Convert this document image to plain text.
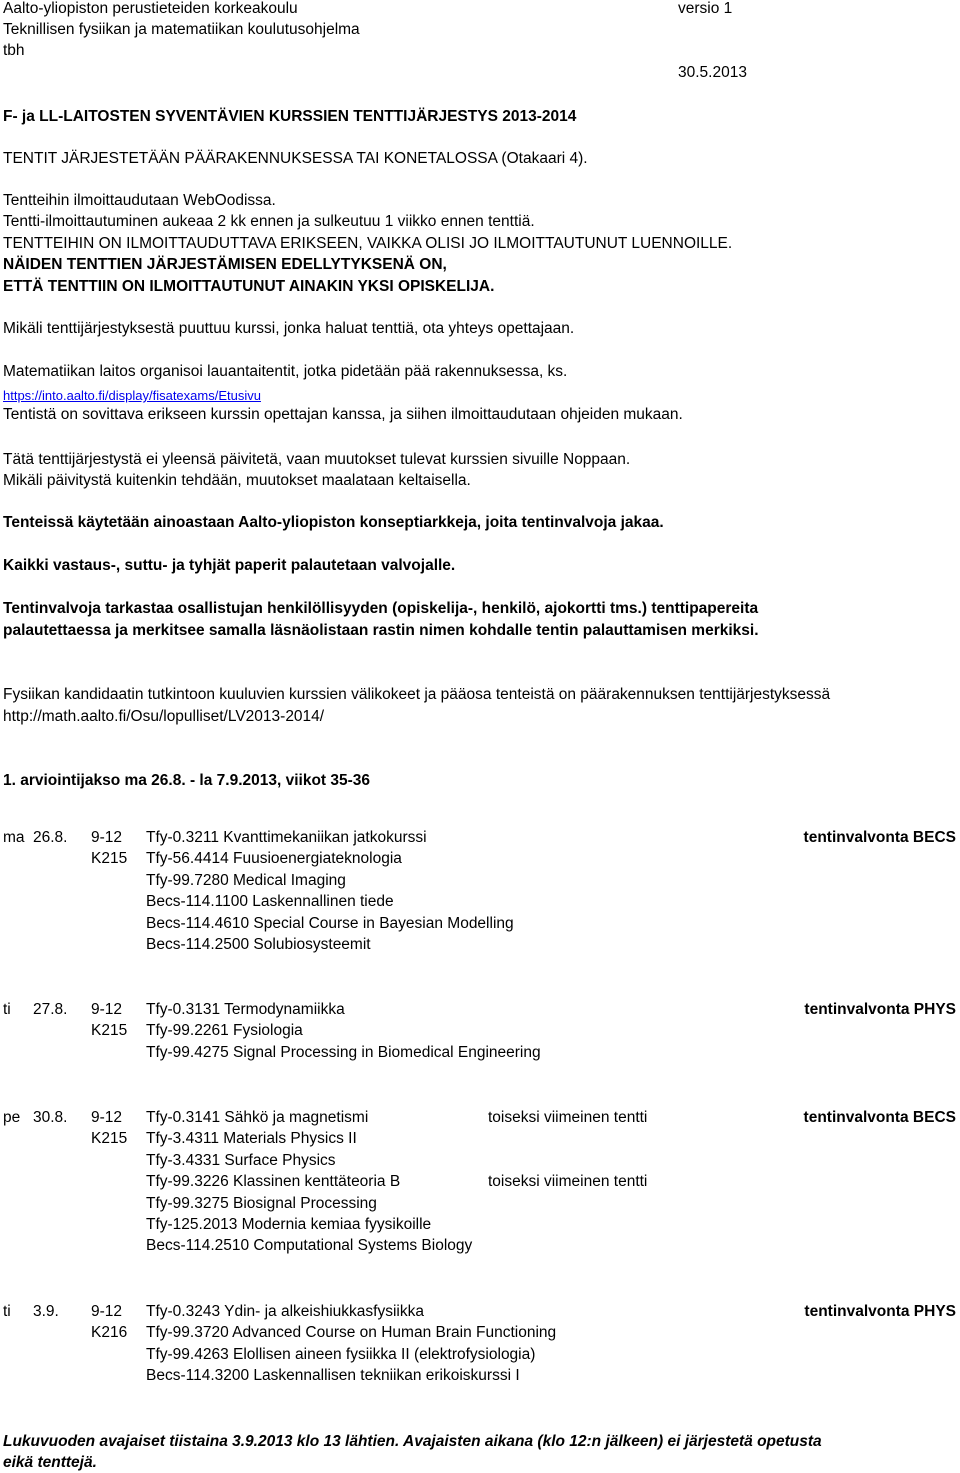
Aalto-yliopiston perustieteiden korkeakoulu
Teknillisen fysiikan ja matematiikan koulutusohjelma
tbh
versio 1
30.5.2013
F- ja LL-LAITOSTEN SYVENTÄVIEN KURSSIEN TENTTIJÄRJESTYS 2013-2014
TENTIT JÄRJESTETÄÄN PÄÄRAKENNUKSESSA TAI KONETALOSSA (Otakaari 4).
Tentteihin ilmoittaudutaan WebOodissa.
Tentti-ilmoittautuminen aukeaa 2 kk ennen ja sulkeutuu 1 viikko ennen tenttiä.
TENTTEIHIN ON ILMOITTAUDUTTAVA ERIKSEEN, VAIKKA OLISI JO ILMOITTAUTUNUT LUENNOILLE.
NÄIDEN TENTTIEN JÄRJESTÄMISEN EDELLYTYKSENÄ ON,
ETTÄ TENTTIIN ON ILMOITTAUTUNUT AINAKIN YKSI OPISKELIJA.
Mikäli tenttijärjestyksestä puuttuu kurssi, jonka haluat tenttiä, ota yhteys opettajaan.
Matematiikan laitos organisoi lauantaitentit, jotka pidetään pää rakennuksessa, ks.
https://into.aalto.fi/display/fisatexams/Etusivu
Tentistä on sovittava erikseen kurssin opettajan kanssa, ja siihen ilmoittaudutaan ohjeiden mukaan.
Tätä tenttijärjestystä ei yleensä päivitetä, vaan muutokset tulevat kurssien sivuille Noppaan.
Mikäli päivitystä kuitenkin tehdään, muutokset maalataan keltaisella.
Tenteissä käytetään ainoastaan Aalto-yliopiston konseptiarkkeja, joita tentinvalvoja jakaa.
Kaikki vastaus-, suttu- ja tyhjät paperit palautetaan valvojalle.
Tentinvalvoja tarkastaa osallistujan henkilöllisyyden (opiskelija-, henkilö, ajokortti tms.) tenttipapereita
palautettaessa ja merkitsee samalla läsnäolistaan rastin nimen kohdalle tentin palauttamisen merkiksi.
Fysiikan kandidaatin tutkintoon kuuluvien kurssien välikokeet ja pääosa tenteistä on päärakennuksen tenttijärjestyksessä
http://math.aalto.fi/Osu/lopulliset/LV2013-2014/
1. arviointijakso ma 26.8. - la 7.9.2013, viikot 35-36
ma 26.8. 9-12
K215
tentinvalvonta BECS
Tfy-0.3211 Kvanttimekaniikan jatkokurssi
Tfy-56.4414 Fuusioenergiateknologia
Tfy-99.7280 Medical Imaging
Becs-114.1100 Laskennallinen tiede
Becs-114.4610 Special Course in Bayesian Modelling
Becs-114.2500 Solubiosysteemit
ti 27.8. 9-12
K215
tentinvalvonta PHYS
Tfy-0.3131 Termodynamiikka
Tfy-99.2261 Fysiologia
Tfy-99.4275 Signal Processing in Biomedical Engineering
pe 30.8. 9-12
K215
tentinvalvonta BECS
Tfy-0.3141 Sähkö ja magnetismi	toiseksi viimeinen tentti
Tfy-3.4311 Materials Physics II
Tfy-3.4331 Surface Physics
Tfy-99.3226 Klassinen kenttäteoria B	toiseksi viimeinen tentti
Tfy-99.3275 Biosignal Processing
Tfy-125.2013 Modernia kemiaa fyysikoille
Becs-114.2510 Computational Systems Biology
ti 3.9. 9-12
K216
tentinvalvonta PHYS
Tfy-0.3243 Ydin- ja alkeishiukkasfysiikka
Tfy-99.3720 Advanced Course on Human Brain Functioning
Tfy-99.4263 Elollisen aineen fysiikka II (elektrofysiologia)
Becs-114.3200 Laskennallisen tekniikan erikoiskurssi I
Lukuvuoden avajaiset tiistaina 3.9.2013 klo 13 lähtien. Avajaisten aikana (klo 12:n jälkeen) ei järjestetä opetusta
eikä tenttejä.
